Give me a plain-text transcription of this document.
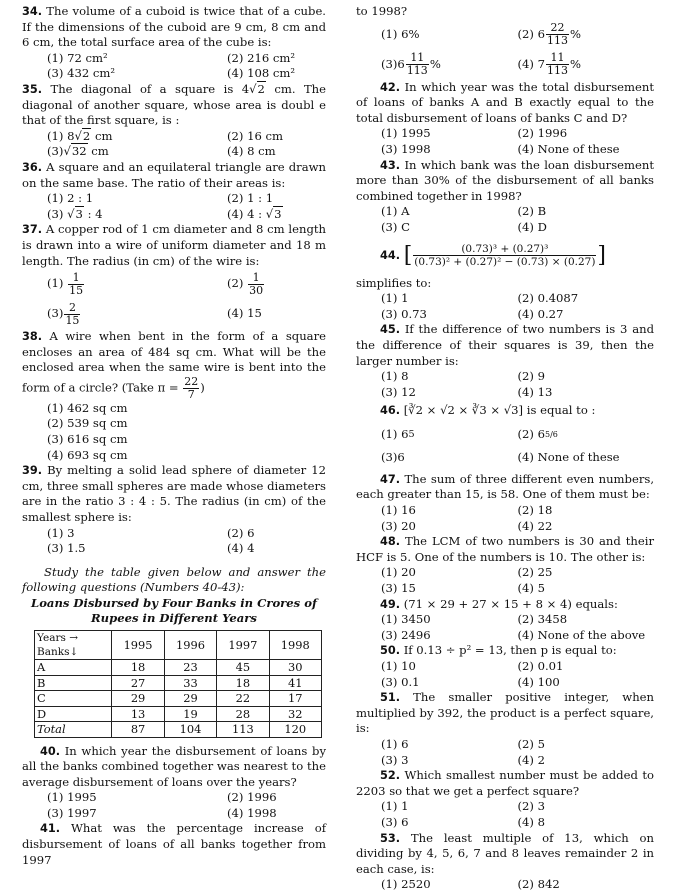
34. The volume of a cuboid is twice that of a cube. If the dimensions of the cuboid are 9 cm, 8 cm and 6 cm, the total surface area of the cube is:

(1) 72 cm²	(2) 216 cm²
(3) 432 cm²	(4) 108 cm²

35. The diagonal of a square is 4√2 cm. The diagonal of another square, whose area is doubl e that of the first square, is :

(1) 8√2 cm	(2) 16 cm
(3)√32 cm	(4) 8 cm

36. A square and an equilateral triangle are drawn on the same base. The ratio of their areas is:

(1) 2 : 1	(2) 1 : 1
(3) √3 : 4	(4) 4 : √3

37. A copper rod of 1 cm diameter and 8 cm length is drawn into a wire of uniform diameter and 18 m length. The radius (in cm) of the wire is:

(1)
$\frac{1}{15}$	(2)
$\frac{1}{30}$
$(3) \frac{2}{15}$	(4) 15

38. A wire when bent in the form of a square encloses an area of 484 sq cm. What will be the enclosed area when the same wire is bent into the form of a circle? (Take $\pi = \frac{22}{7}$ )

(1) 462 sq cm
(2) 539 sq cm
(3) 616 sq cm
(4) 693 sq cm

39. By melting a solid lead sphere of diameter 12 cm, three small spheres are made whose diameters are in the ratio 3 : 4 : 5. The radius (in cm) of the smallest sphere is:

(1) 3	(2) 6
(3) 1.5	(4) 4

Study the table given below and answer the following questions (Numbers 40-43):

Loans Disbursed by Four Banks in Crores of

Rupees in Different Years

Years →
Banks↓	1995	1996	1997	1998
A	18	23	45	30
B	27	33	18	41
C	29	29	22	17
D	13	19	28	32
Total	87	104	113	120

40. In which year the disbursement of loans by all the banks combined together was nearest to the average disbursement of loans over the years?

(1) 1995	(2) 1996
(3) 1997	(4) 1998

41. What was the percentage increase of disbursement of loans of all banks together from 1997

to 1998?

(1) 6%	(2) $6 \frac{22}{113}$ %
$(3)6 \frac{11}{113}$ %	(4) $7 \frac{11}{113}$ %

42. In which year was the total disbursement of loans of banks A and B exactly equal to the total disbursement of loans of banks C and D?

(1) 1995	(2) 1996
(3) 1998	(4) None of these

43. In which bank was the loan disbursement more than 30% of the disbursement of all banks combined together in 1998?

(1) A	(2) B
(3) C	(4) D
44.
[ $\frac{\text{(0.73)³ + (0.27)³}}{\text{(0.73)² + (0.27)² − (0.73) × (0.27)}}$ ]

simplifies to:

(1) 1	(2) 0.4087
(3) 0.73	(4) 0.27

45. If the difference of two numbers is 3 and the difference of their squares is 39, then the larger number is:

(1) 8	(2) 9
(3) 12	(4) 13

46. [∛2 × √2 × ∛3 × √3] is equal to :

(1) 6 5	(2) 6 5/6
(3)6	(4) None of these

47. The sum of three different even numbers, each greater than 15, is 58. One of them must be:

(1) 16	(2) 18
(3) 20	(4) 22

48. The LCM of two numbers is 30 and their HCF is 5. One of the numbers is 10. The other is:

(1) 20	(2) 25
(3) 15	(4) 5

49. (71 × 29 + 27 × 15 + 8 × 4) equals:

(1) 3450	(2) 3458
(3) 2496	(4) None of the above

50. If 0.13 ÷ p² = 13, then p is equal to:

(1) 10	(2) 0.01
(3) 0.1	(4) 100

51. The smaller positive integer, when multiplied by 392, the product is a perfect square, is:

(1) 6	(2) 5
(3) 3	(4) 2

52. Which smallest number must be added to 2203 so that we get a perfect square?

(1) 1	(2) 3
(3) 6	(4) 8

53. The least multiple of 13, which on dividing by 4, 5, 6, 7 and 8 leaves remainder 2 in each case, is:

(1) 2520	(2) 842
